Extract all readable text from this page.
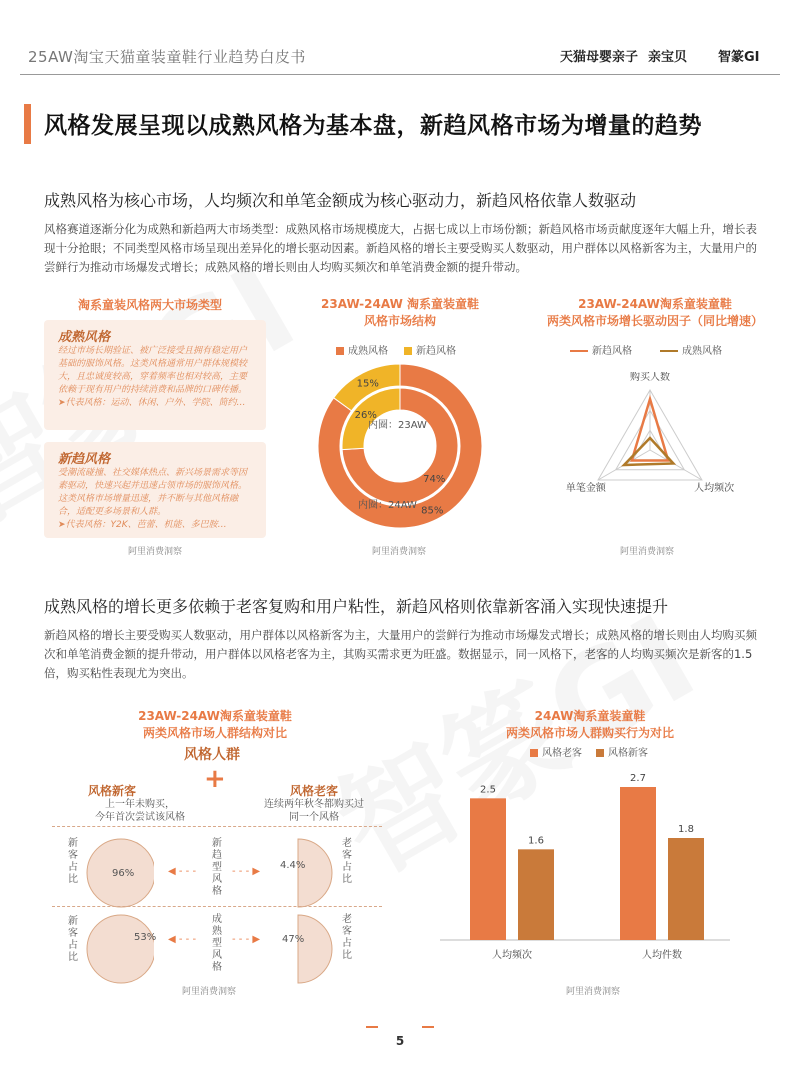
25AW淘宝天猫童装童鞋行业趋势白皮书	天猫母婴亲子 亲宝贝 智篆GI
风格发展呈现以成熟风格为基本盘，新趋风格市场为增量的趋势
成熟风格为核心市场，人均频次和单笔金额成为核心驱动力，新趋风格依靠人数驱动
风格赛道逐渐分化为成熟和新趋两大市场类型：成熟风格市场规模庞大，占据七成以上市场份额；新趋风格市场贡献度逐年大幅上升，增长表现十分抢眼；不同类型风格市场呈现出差异化的增长驱动因素。新趋风格的增长主要受购买人数驱动，用户群体以风格新客为主，大量用户的尝鲜行为推动市场爆发式增长；成熟风格的增长则由人均购买频次和单笔消费金额的提升带动。
淘系童装风格两大市场类型
成熟风格
经过市场长期验证、被广泛接受且拥有稳定用户基础的服饰风格。这类风格通常用户群体规模较大，且忠诚度较高，穿着频率也相对较高，主要依赖于现有用户的持续消费和品牌的口碑传播。
➤代表风格：运动、休闲、户外、学院、简约…
新趋风格
受潮流碰撞、社交媒体热点、新兴场景需求等因素驱动，快速兴起并迅速占领市场的服饰风格。这类风格市场增量迅速，并不断与其他风格融合，适配更多场景和人群。
➤代表风格：Y2K、芭蕾、机能、多巴胺…
阿里消费洞察
23AW-24AW 淘系童装童鞋
风格市场结构
成熟风格	新趋风格
74%
26%
85%
15%
内圈：23AW
内圈：24AW
阿里消费洞察
23AW-24AW淘系童装童鞋
两类风格市场增长驱动因子（同比增速）
新趋风格	成熟风格
购买人数
人均频次
单笔金额
阿里消费洞察
成熟风格的增长更多依赖于老客复购和用户粘性，新趋风格则依靠新客涌入实现快速提升
新趋风格的增长主要受购买人数驱动，用户群体以风格新客为主，大量用户的尝鲜行为推动市场爆发式增长；成熟风格的增长则由人均购买频次和单笔消费金额的提升带动，用户群体以风格老客为主，其购买需求更为旺盛。数据显示，同一风格下，老客的人均购买频次是新客的1.5倍，购买粘性表现尤为突出。
23AW-24AW淘系童装童鞋
两类风格市场人群结构对比
风格人群
+
风格新客
上一年未购买，
今年首次尝试该风格
风格老客
连续两年秋冬都购买过
同一个风格
新客占比
96%	◀ - - -
新趋型风格
- - - ▶
4.4%
老客占比
新客占比
53% ◀ - - -
成熟型风格
- - - ▶ 47%
老客占比
阿里消费洞察
24AW淘系童装童鞋
两类风格市场人群购买行为对比
风格老客	风格新客
2.5
1.6
人均频次
2.7
1.8
人均件数
阿里消费洞察
5
